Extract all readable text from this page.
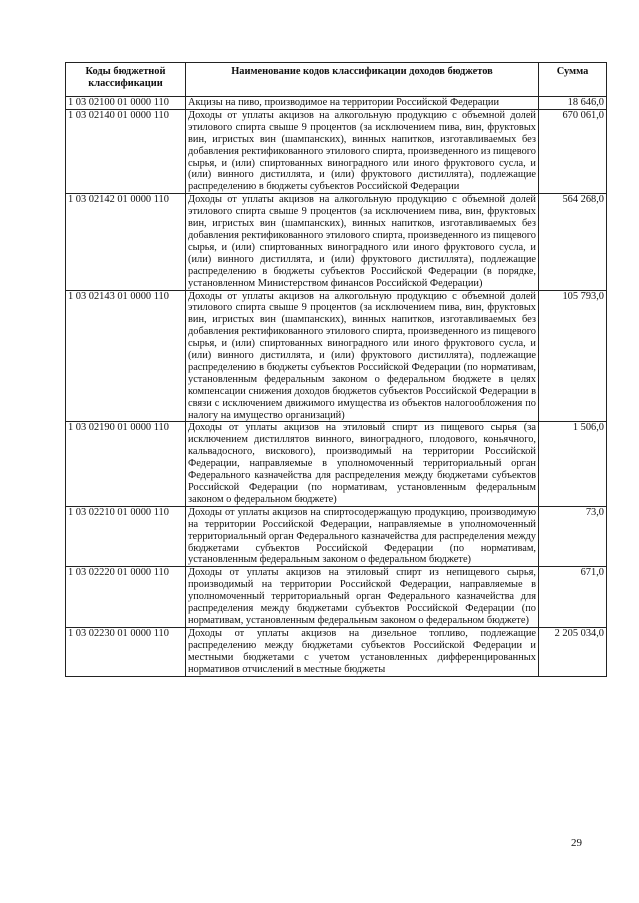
Коды бюджетной классификации	Наименование кодов классификации доходов бюджетов	Сумма
1 03 02100 01 0000 110	Акцизы на пиво, производимое на территории Российской Федерации	18 646,0
1 03 02140 01 0000 110	Доходы от уплаты акцизов на алкогольную продукцию с объемной долей этилового спирта свыше 9 процентов (за исключением пива, вин, фруктовых вин, игристых вин (шампанских), винных напитков, изготавливаемых без добавления ректификованного этилового спирта, произведенного из пищевого сырья, и (или) спиртованных виноградного или иного фруктового сусла, и (или) винного дистиллята, и (или) фруктового дистиллята), подлежащие распределению в бюджеты субъектов Российской Федерации	670 061,0
1 03 02142 01 0000 110	Доходы от уплаты акцизов на алкогольную продукцию с объемной долей этилового спирта свыше 9 процентов (за исключением пива, вин, фруктовых вин, игристых вин (шампанских), винных напитков, изготавливаемых без добавления ректификованного этилового спирта, произведенного из пищевого сырья, и (или) спиртованных виноградного или иного фруктового сусла, и (или) винного дистиллята, и (или) фруктового дистиллята), подлежащие распределению в бюджеты субъектов Российской Федерации (в порядке, установленном Министерством финансов Российской Федерации)	564 268,0
1 03 02143 01 0000 110	Доходы от уплаты акцизов на алкогольную продукцию с объемной долей этилового спирта свыше 9 процентов (за исключением пива, вин, фруктовых вин, игристых вин (шампанских), винных напитков, изготавливаемых без добавления ректификованного этилового спирта, произведенного из пищевого сырья, и (или) спиртованных виноградного или иного фруктового сусла, и (или) винного дистиллята, и (или) фруктового дистиллята), подлежащие распределению в бюджеты субъектов Российской Федерации (по нормативам, установленным федеральным законом о федеральном бюджете в целях компенсации снижения доходов бюджетов субъектов Российской Федерации в связи с исключением движимого имущества из объектов налогообложения по налогу на имущество организаций)	105 793,0
1 03 02190 01 0000 110	Доходы от уплаты акцизов на этиловый спирт из пищевого сырья (за исключением дистиллятов винного, виноградного, плодового, коньячного, кальвадосного, вискового), производимый на территории Российской Федерации, направляемые в уполномоченный территориальный орган Федерального казначейства для распределения между бюджетами субъектов Российской Федерации (по нормативам, установленным федеральным законом о федеральном бюджете)	1 506,0
1 03 02210 01 0000 110	Доходы от уплаты акцизов на спиртосодержащую продукцию, производимую на территории Российской Федерации, направляемые в уполномоченный территориальный орган Федерального казначейства для распределения между бюджетами субъектов Российской Федерации (по нормативам, установленным федеральным законом о федеральном бюджете)	73,0
1 03 02220 01 0000 110	Доходы от уплаты акцизов на этиловый спирт из непищевого сырья, производимый на территории Российской Федерации, направляемые в уполномоченный территориальный орган Федерального казначейства для распределения между бюджетами субъектов Российской Федерации (по нормативам, установленным федеральным законом о федеральном бюджете)	671,0
1 03 02230 01 0000 110	Доходы от уплаты акцизов на дизельное топливо, подлежащие распределению между бюджетами субъектов Российской Федерации и местными бюджетами с учетом установленных дифференцированных нормативов отчислений в местные бюджеты	2 205 034,0
29
